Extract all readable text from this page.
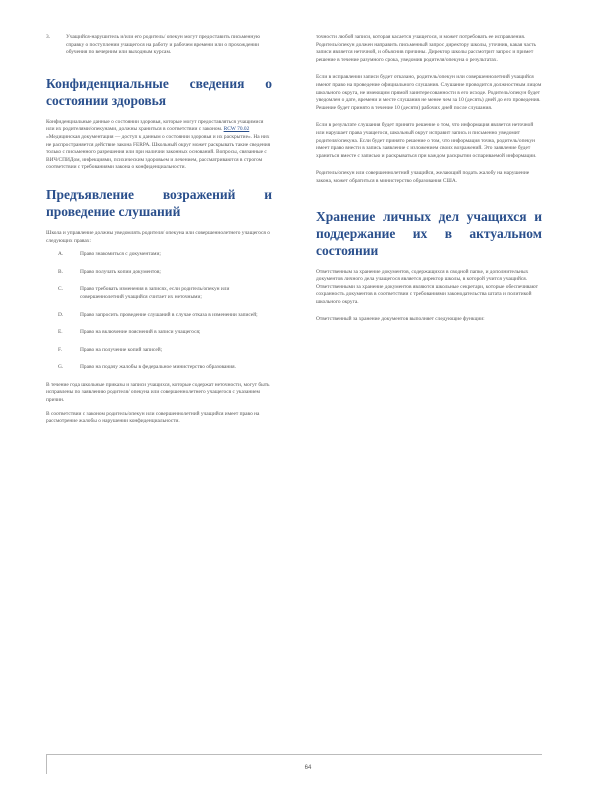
3.	Учащийся-нарушитель и/или его родитель/ опекун могут предоставить письменную справку о поступлении учащегося на работу и рабочем времени или о прохождении обучения по вечерним или выходным курсам.
Конфиденциальные сведения о состоянии здоровья

Конфиденциальные данные о состоянии здоровья, которые могут предоставляться учащимися или их родителями/опекунами, должны храниться в соответствии с законом. RCW 70.02 «Медицинская документация — доступ к данным о состоянии здоровья и их раскрытие». На них не распространяется действие закона FERPA. Школьный округ может раскрывать такие сведения только с письменного разрешения или при наличии законных оснований. Вопросы, связанные с ВИЧ/СПИДом, инфекциями, психическим здоровьем и лечением, рассматриваются в строгом соответствии с требованиями закона о конфиденциальности.

Предъявление возражений и проведение слушаний

Школа и управление должны уведомлять родителя/ опекуна или совершеннолетнего учащегося о следующих правах:

A.	Право знакомиться с документами;
B.	Право получать копии документов;
C.	Право требовать изменения в записях, если родитель/опекун или совершеннолетний учащийся считает их неточными;
D.	Право запросить проведение слушаний в случае отказа в изменении записей;
E.	Право на включение пояснений в записи учащегося;
F.	Право на получение копий записей;
G.	Право на подачу жалобы в федеральное министерство образования.

В течение года школьные приказы и записи учащихся, которые содержат неточности, могут быть исправлены по заявлению родителя/ опекуна или совершеннолетнего учащегося с указанием причин.

В соответствии с законом родитель/опекун или совершеннолетний учащийся имеет право на рассмотрение жалобы о нарушении конфиденциальности.

точности любой записи, которая касается учащегося, и может потребовать ее исправления. Родитель/опекун должен направить письменный запрос директору школы, уточнив, какая часть записи является неточной, и объяснив причины. Директор школы рассмотрит запрос и примет решение в течение разумного срока, уведомив родителя/опекуна о результатах.

Если в исправлении записи будет отказано, родитель/опекун или совершеннолетний учащийся имеют право на проведение официального слушания. Слушание проводится должностным лицом школьного округа, не имеющим прямой заинтересованности в его исходе. Родитель/опекун будет уведомлен о дате, времени и месте слушания не менее чем за 10 (десять) дней до его проведения. Решение будет принято в течение 10 (десяти) рабочих дней после слушания.

Если в результате слушания будет принято решение о том, что информация является неточной или нарушает права учащегося, школьный округ исправит запись и письменно уведомит родителя/опекуна. Если будет принято решение о том, что информация точна, родитель/опекун имеет право внести в запись заявление с изложением своих возражений. Это заявление будет храниться вместе с записью и раскрываться при каждом раскрытии оспариваемой информации.

Родитель/опекун или совершеннолетний учащийся, желающий подать жалобу на нарушение закона, может обратиться в министерство образования США.

Хранение личных дел учащихся и поддержание их в актуальном состоянии

Ответственным за хранение документов, содержащихся в сводной папке, и дополнительных документов личного дела учащегося является директор школы, в которой учится учащийся. Ответственными за хранение документов являются школьные секретари, которые обеспечивают сохранность документов в соответствии с требованиями законодательства штата и политикой школьного округа.

Ответственный за хранение документов выполняет следующие функции:

64
